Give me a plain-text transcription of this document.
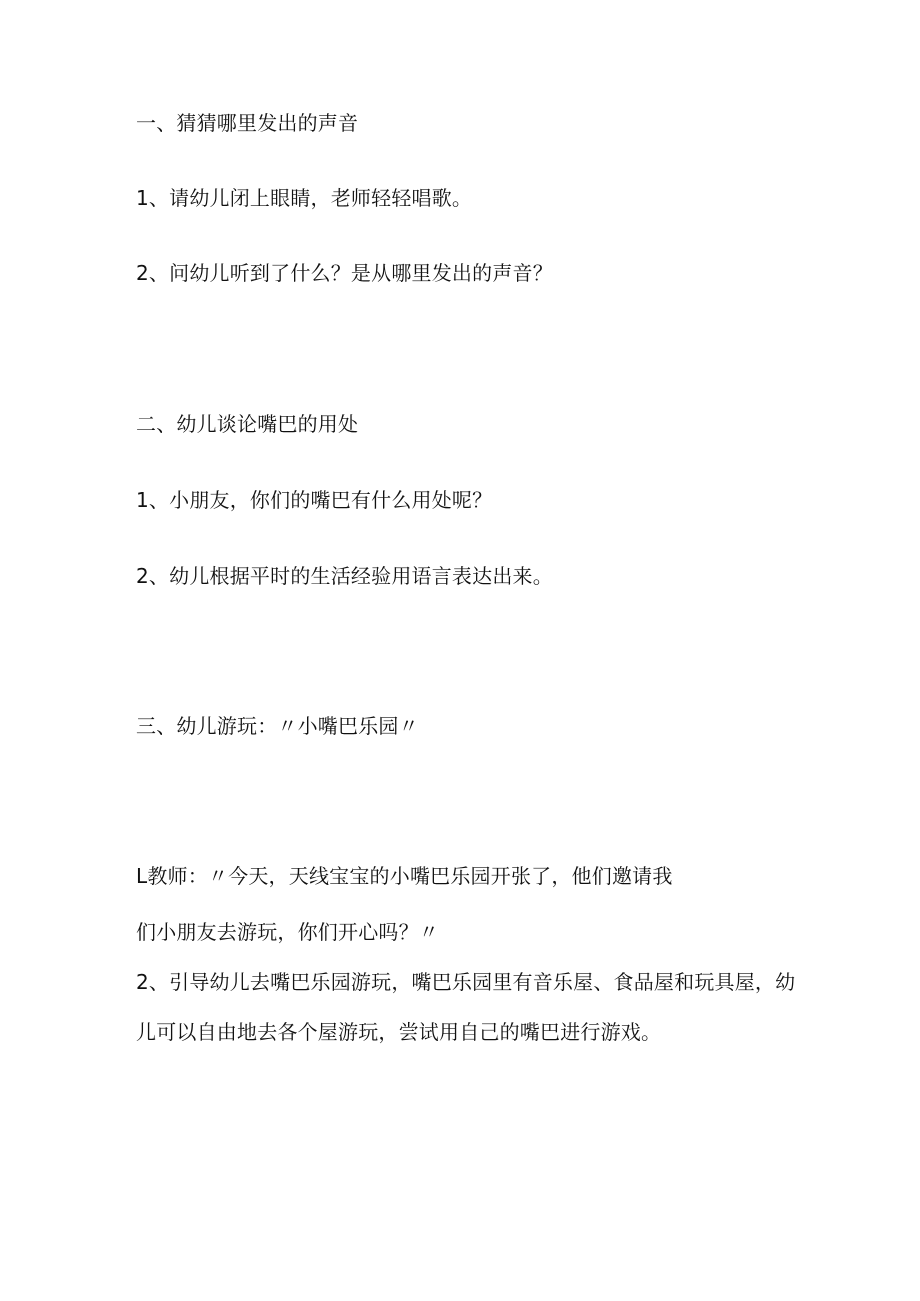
一、猜猜哪里发出的声音
1、请幼儿闭上眼睛，老师轻轻唱歌。
2、问幼儿听到了什么？是从哪里发出的声音？
二、幼儿谈论嘴巴的用处
1、小朋友，你们的嘴巴有什么用处呢？
2、幼儿根据平时的生活经验用语言表达出来。
三、幼儿游玩：〃小嘴巴乐园〃
L教师：〃今天，天线宝宝的小嘴巴乐园开张了，他们邀请我
们小朋友去游玩，你们开心吗？〃
2、引导幼儿去嘴巴乐园游玩，嘴巴乐园里有音乐屋、食品屋和玩具屋，幼
儿可以自由地去各个屋游玩，尝试用自己的嘴巴进行游戏。
